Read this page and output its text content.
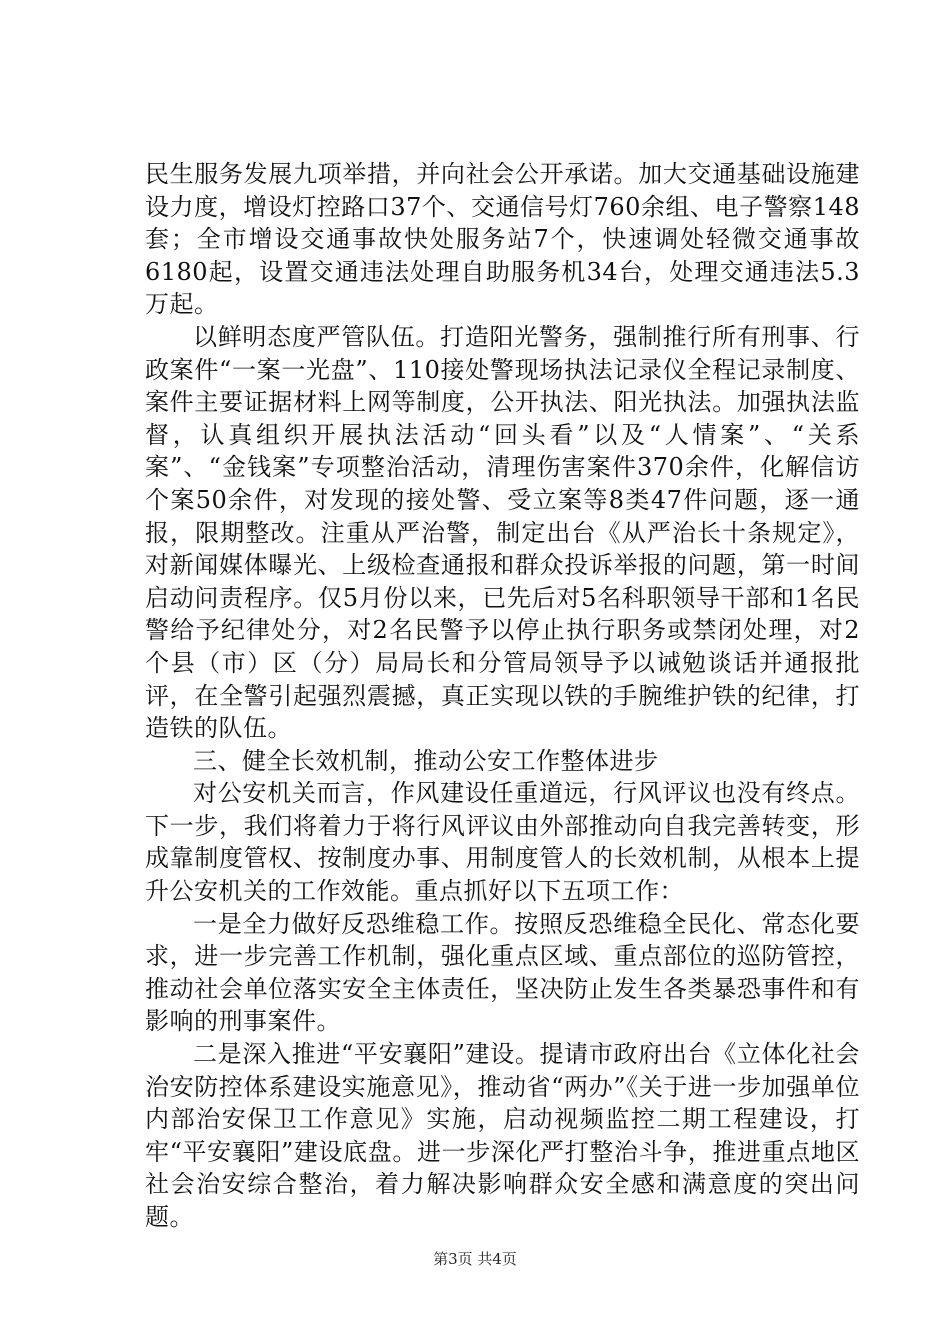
民生服务发展九项举措，并向社会公开承诺。加大交通基础设施建设力度，增设灯控路口37个、交通信号灯760余组、电子警察148套；全市增设交通事故快处服务站7个，快速调处轻微交通事故6180起，设置交通违法处理自助服务机34台，处理交通违法5.3万起。

以鲜明态度严管队伍。打造阳光警务，强制推行所有刑事、行政案件“一案一光盘”、110接处警现场执法记录仪全程记录制度、案件主要证据材料上网等制度，公开执法、阳光执法。加强执法监督，认真组织开展执法活动“回头看”以及“人情案”、“关系案”、“金钱案”专项整治活动，清理伤害案件370余件，化解信访个案50余件，对发现的接处警、受立案等8类47件问题，逐一通报，限期整改。注重从严治警，制定出台《从严治长十条规定》，对新闻媒体曝光、上级检查通报和群众投诉举报的问题，第一时间启动问责程序。仅5月份以来，已先后对5名科职领导干部和1名民警给予纪律处分，对2名民警予以停止执行职务或禁闭处理，对2个县（市）区（分）局局长和分管局领导予以诫勉谈话并通报批评，在全警引起强烈震撼，真正实现以铁的手腕维护铁的纪律，打造铁的队伍。

三、健全长效机制，推动公安工作整体进步

对公安机关而言，作风建设任重道远，行风评议也没有终点。下一步，我们将着力于将行风评议由外部推动向自我完善转变，形成靠制度管权、按制度办事、用制度管人的长效机制，从根本上提升公安机关的工作效能。重点抓好以下五项工作：

一是全力做好反恐维稳工作。按照反恐维稳全民化、常态化要求，进一步完善工作机制，强化重点区域、重点部位的巡防管控，推动社会单位落实安全主体责任，坚决防止发生各类暴恐事件和有影响的刑事案件。

二是深入推进“平安襄阳”建设。提请市政府出台《立体化社会治安防控体系建设实施意见》，推动省“两办”《关于进一步加强单位内部治安保卫工作意见》实施，启动视频监控二期工程建设，打牢“平安襄阳”建设底盘。进一步深化严打整治斗争，推进重点地区社会治安综合整治，着力解决影响群众安全感和满意度的突出问题。

第3页 共4页
